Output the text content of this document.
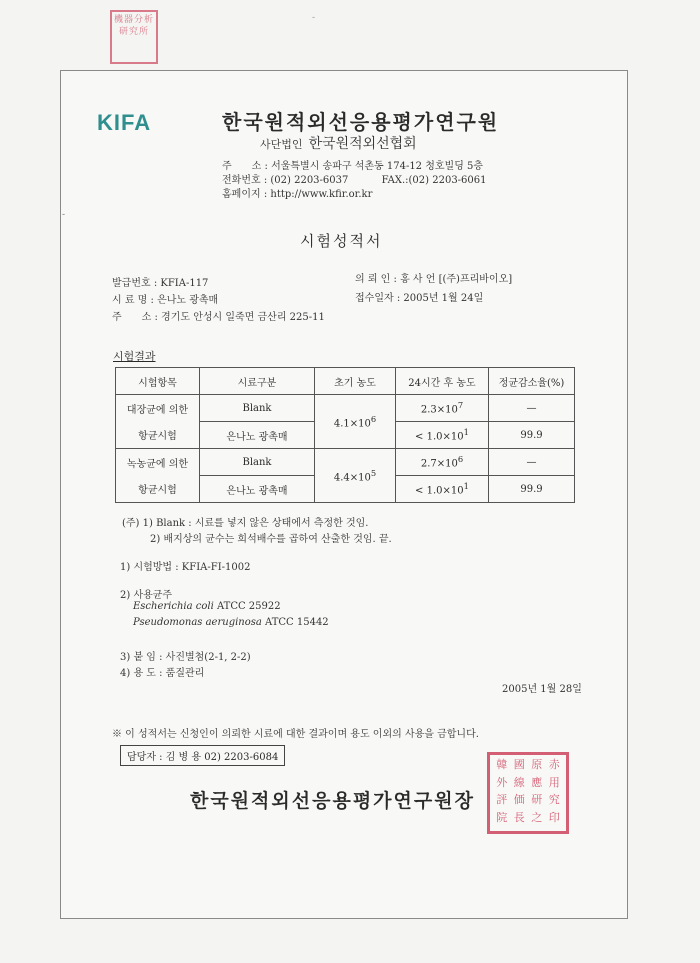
機器分析
研究所
KIFA	한국원적외선응용평가연구원
사단법인 한국원적외선협회
주　　소 : 서울특별시 송파구 석촌동 174-12 청호빌딩 5층
전화번호 : (02) 2203-6037	FAX.:(02) 2203-6061
홈페이지 : http://www.kfir.or.kr
시험성적서
발급번호 : KFIA-117	의 뢰 인 : 홍 사 언 [(주)프리바이오]
시 료 명 : 은나노 광촉매	접수일자 : 2005년 1월 24일
주　　소 : 경기도 안성시 일죽면 금산리 225-11
시험결과
시험항목	시료구분	초기 농도	24시간 후 농도	정균감소율(%)
대장균에 의한

항균시험	Blank	$4.1\times 10^6$	$2.3\times 10^7$	—
	은나노 광촉매		< $1.0\times 10^1$	99.9
녹농균에 의한

항균시험	Blank	$4.4\times 10^5$	$2.7\times 10^6$	—
	은나노 광촉매		< $1.0\times 10^1$	99.9
(주) 1) Blank : 시료를 넣지 않은 상태에서 측정한 것임.
2) 배지상의 균수는 희석배수를 곱하여 산출한 것임. 끝.
1) 시험방법 : KFIA-FI-1002
2) 사용균주
Escherichia coli ATCC 25922
Pseudomonas aeruginosa ATCC 15442
3) 붙 임 : 사진별첨(2-1, 2-2)
4) 용 도 : 품질관리
2005년 1월 28일
※ 이 성적서는 신청인이 의뢰한 시료에 대한 결과이며 용도 이외의 사용을 금합니다.
담당자 : 김 병 용 02) 2203-6084
한국원적외선응용평가연구원장
韓 國 原 赤
外 線 應 用
評 価 研 究
院 長 之 印
-
-
